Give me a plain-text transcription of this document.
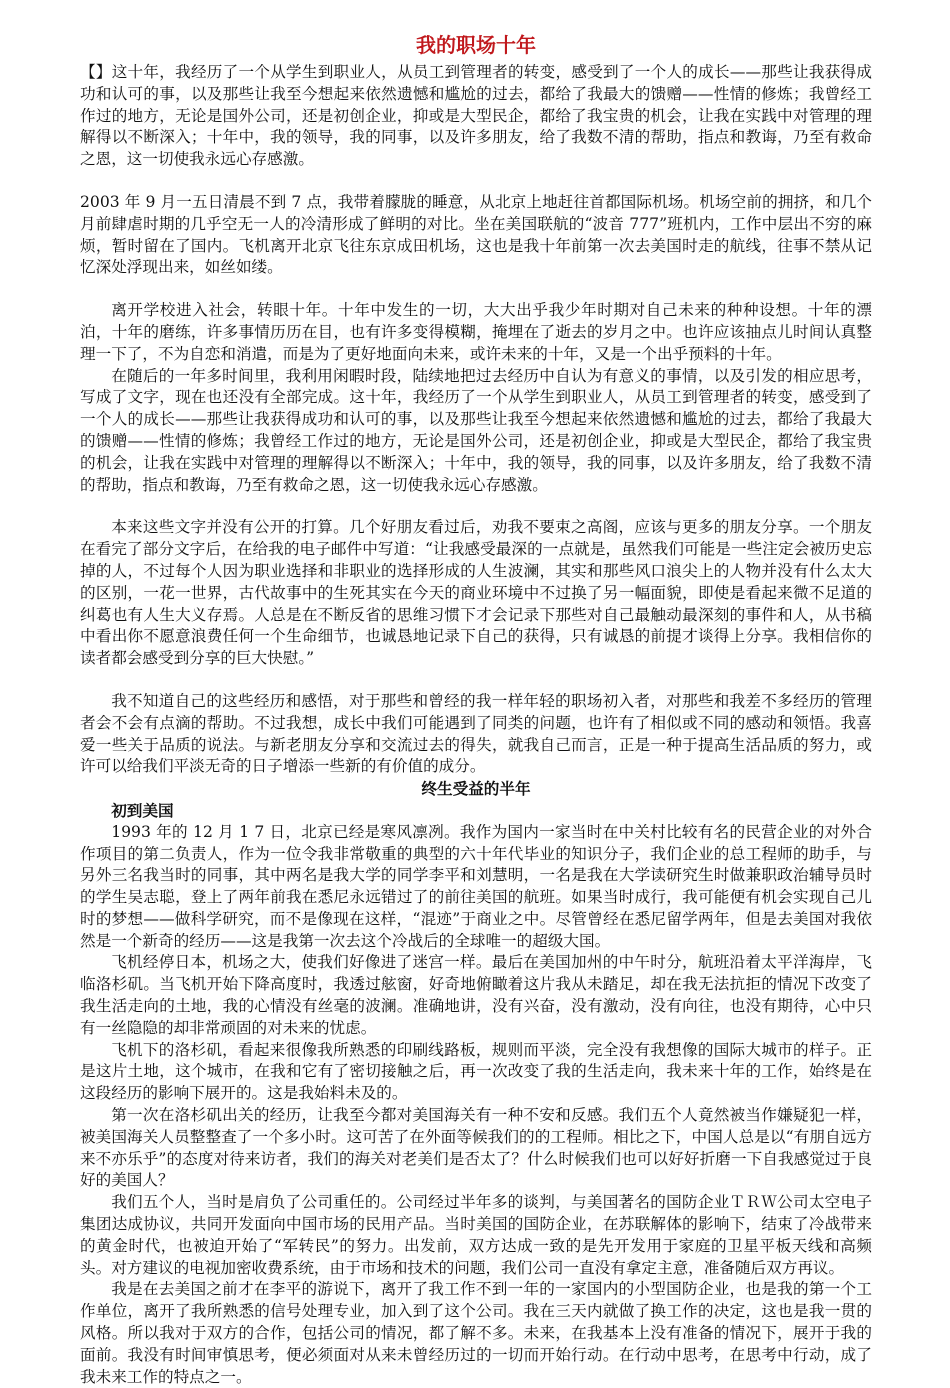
我的职场十年

【】这十年，我经历了一个从学生到职业人，从员工到管理者的转变，感受到了一个人的成长——那些让我获得成功和认可的事，以及那些让我至今想起来依然遗憾和尴尬的过去，都给了我最大的馈赠——性情的修炼；我曾经工作过的地方，无论是国外公司，还是初创企业，抑或是大型民企，都给了我宝贵的机会，让我在实践中对管理的理解得以不断深入；十年中，我的领导，我的同事，以及许多朋友，给了我数不清的帮助，指点和教诲，乃至有救命之恩，这一切使我永远心存感激。

2003 年 9 月一五日清晨不到 7 点，我带着朦胧的睡意，从北京上地赶往首都国际机场。机场空前的拥挤，和几个月前肆虐时期的几乎空无一人的冷清形成了鲜明的对比。坐在美国联航的“波音 777”班机内，工作中层出不穷的麻烦，暂时留在了国内。飞机离开北京飞往东京成田机场，这也是我十年前第一次去美国时走的航线，往事不禁从记忆深处浮现出来，如丝如缕。

离开学校进入社会，转眼十年。十年中发生的一切，大大出乎我少年时期对自己未来的种种设想。十年的漂泊，十年的磨练，许多事情历历在目，也有许多变得模糊，掩埋在了逝去的岁月之中。也许应该抽点儿时间认真整理一下了，不为自恋和消遣，而是为了更好地面向未来，或许未来的十年，又是一个出乎预料的十年。

在随后的一年多时间里，我利用闲暇时段，陆续地把过去经历中自认为有意义的事情，以及引发的相应思考，写成了文字，现在也还没有全部完成。这十年，我经历了一个从学生到职业人，从员工到管理者的转变，感受到了一个人的成长——那些让我获得成功和认可的事，以及那些让我至今想起来依然遗憾和尴尬的过去，都给了我最大的馈赠——性情的修炼；我曾经工作过的地方，无论是国外公司，还是初创企业，抑或是大型民企，都给了我宝贵的机会，让我在实践中对管理的理解得以不断深入；十年中，我的领导，我的同事，以及许多朋友，给了我数不清的帮助，指点和教诲，乃至有救命之恩，这一切使我永远心存感激。

本来这些文字并没有公开的打算。几个好朋友看过后，劝我不要束之高阁，应该与更多的朋友分享。一个朋友在看完了部分文字后，在给我的电子邮件中写道：“让我感受最深的一点就是，虽然我们可能是一些注定会被历史忘掉的人，不过每个人因为职业选择和非职业的选择形成的人生波澜，其实和那些风口浪尖上的人物并没有什么太大的区别，一花一世界，古代故事中的生死其实在今天的商业环境中不过换了另一幅面貌，即使是看起来微不足道的纠葛也有人生大义存焉。人总是在不断反省的思维习惯下才会记录下那些对自己最触动最深刻的事件和人，从书稿中看出你不愿意浪费任何一个生命细节，也诚恳地记录下自己的获得，只有诚恳的前提才谈得上分享。我相信你的读者都会感受到分享的巨大快慰。”

我不知道自己的这些经历和感悟，对于那些和曾经的我一样年轻的职场初入者，对那些和我差不多经历的管理者会不会有点滴的帮助。不过我想，成长中我们可能遇到了同类的问题，也许有了相似或不同的感动和领悟。我喜爱一些关于品质的说法。与新老朋友分享和交流过去的得失，就我自己而言，正是一种于提高生活品质的努力，或许可以给我们平淡无奇的日子增添一些新的有价值的成分。

终生受益的半年
初到美国

1993 年的 12 月 1 7 日，北京已经是寒风凛冽。我作为国内一家当时在中关村比较有名的民营企业的对外合作项目的第二负责人，作为一位令我非常敬重的典型的六十年代毕业的知识分子，我们企业的总工程师的助手，与另外三名我当时的同事，其中两名是我大学的同学李平和刘慧明，一名是我在大学读研究生时做兼职政治辅导员时的学生吴志聪，登上了两年前我在悉尼永远错过了的前往美国的航班。如果当时成行，我可能便有机会实现自己儿时的梦想——做科学研究，而不是像现在这样，“混迹”于商业之中。尽管曾经在悉尼留学两年，但是去美国对我依然是一个新奇的经历——这是我第一次去这个冷战后的全球唯一的超级大国。

飞机经停日本，机场之大，使我们好像进了迷宫一样。最后在美国加州的中午时分，航班沿着太平洋海岸，飞临洛杉矶。当飞机开始下降高度时，我透过舷窗，好奇地俯瞰着这片我从未踏足，却在我无法抗拒的情况下改变了我生活走向的土地，我的心情没有丝毫的波澜。准确地讲，没有兴奋，没有激动，没有向往，也没有期待，心中只有一丝隐隐的却非常顽固的对未来的忧虑。

飞机下的洛杉矶，看起来很像我所熟悉的印刷线路板，规则而平淡，完全没有我想像的国际大城市的样子。正是这片土地，这个城市，在我和它有了密切接触之后，再一次改变了我的生活走向，我未来十年的工作，始终是在这段经历的影响下展开的。这是我始料未及的。

第一次在洛杉矶出关的经历，让我至今都对美国海关有一种不安和反感。我们五个人竟然被当作嫌疑犯一样，被美国海关人员整整查了一个多小时。这可苦了在外面等候我们的的工程师。相比之下，中国人总是以“有朋自远方来不亦乐乎”的态度对待来访者，我们的海关对老美们是否太了？什么时候我们也可以好好折磨一下自我感觉过于良好的美国人？

我们五个人，当时是肩负了公司重任的。公司经过半年多的谈判，与美国著名的国防企业ＴＲＷ公司太空电子集团达成协议，共同开发面向中国市场的民用产品。当时美国的国防企业，在苏联解体的影响下，结束了冷战带来的黄金时代，也被迫开始了“军转民”的努力。出发前，双方达成一致的是先开发用于家庭的卫星平板天线和高频头。对方建议的电视加密收费系统，由于市场和技术的问题，我们公司一直没有拿定主意，准备随后双方再议。

我是在去美国之前才在李平的游说下，离开了我工作不到一年的一家国内的小型国防企业，也是我的第一个工作单位，离开了我所熟悉的信号处理专业，加入到了这个公司。我在三天内就做了换工作的决定，这也是我一贯的风格。所以我对于双方的合作，包括公司的情况，都了解不多。未来，在我基本上没有准备的情况下，展开于我的面前。我没有时间审慎思考，便必须面对从来未曾经历过的一切而开始行动。在行动中思考，在思考中行动，成了我未来工作的特点之一。
